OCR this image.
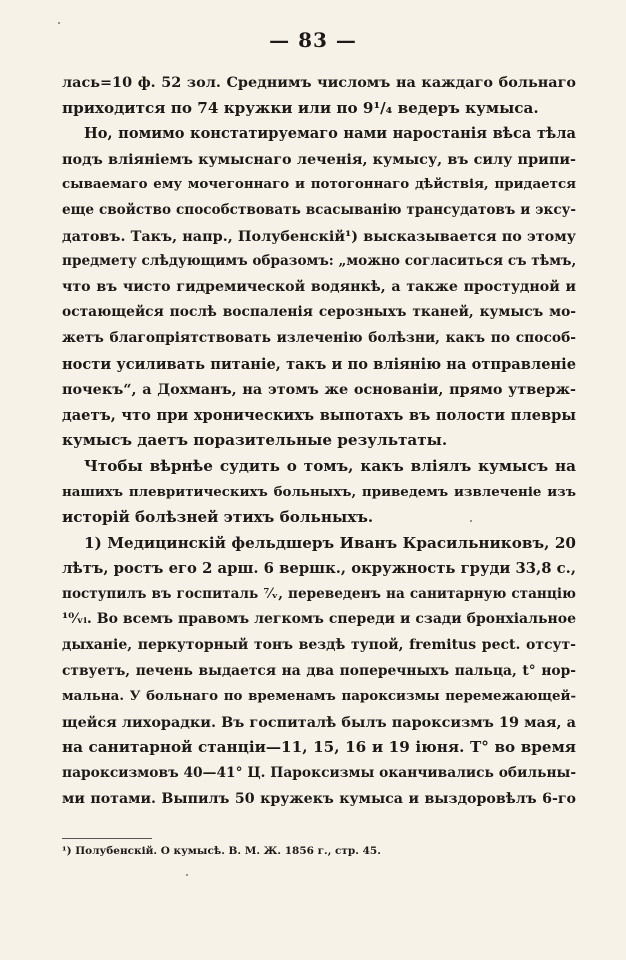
— 83 —
лась=10 ф. 52 зол. Среднимъ числомъ на каждаго больнаго
приходится по 74 кружки или по 9¹/₄ ведеръ кумыса.
Но, помимо констатируемаго нами наростанія вѣса тѣла
подъ вліяніемъ кумыснаго леченія, кумысу, въ силу припи-
сываемаго ему мочегоннаго и потогоннаго дѣйствія, придается
еще свойство способствовать всасыванію трансудатовъ и эксу-
датовъ. Такъ, напр., Полубенскій¹) высказывается по этому
предмету слѣдующимъ образомъ: „можно согласиться съ тѣмъ,
что въ чисто гидремической водянкѣ, а также простудной и
остающейся послѣ воспаленія серозныхъ тканей, кумысъ мо-
жетъ благопріятствовать излеченію болѣзни, какъ по способ-
ности усиливать питаніе, такъ и по вліянію на отправленіе
почекъ“, а Дохманъ, на этомъ же основаніи, прямо утверж-
даетъ, что при хроническихъ выпотахъ въ полости плевры
кумысъ даетъ поразительные результаты.
Чтобы вѣрнѣе судить о томъ, какъ вліялъ кумысъ на
нашихъ плевритическихъ больныхъ, приведемъ извлеченіе изъ
исторій болѣзней этихъ больныхъ.
1) Медицинскій фельдшеръ Иванъ Красильниковъ, 20
лѣтъ, ростъ его 2 арш. 6 вершк., окружность груди 33,8 с.,
поступилъ въ госпиталь ⁷⁄ᵥ, переведенъ на санитарную станцію
¹⁰⁄ᵥᵢ. Во всемъ правомъ легкомъ спереди и сзади бронхіальное
дыханіе, перкуторный тонъ вездѣ тупой, fremitus pect. отсут-
ствуетъ, печень выдается на два поперечныхъ пальца, t° нор-
мальна. У больнаго по временамъ пароксизмы перемежающей-
щейся лихорадки. Въ госпиталѣ былъ пароксизмъ 19 мая, а
на санитарной станціи—11, 15, 16 и 19 іюня. T° во время
пароксизмовъ 40—41° Ц. Пароксизмы оканчивались обильны-
ми потами. Выпилъ 50 кружекъ кумыса и выздоровѣлъ 6-го
¹) Полубенскій. О кумысѣ. В. М. Ж. 1856 г., стр. 45.
